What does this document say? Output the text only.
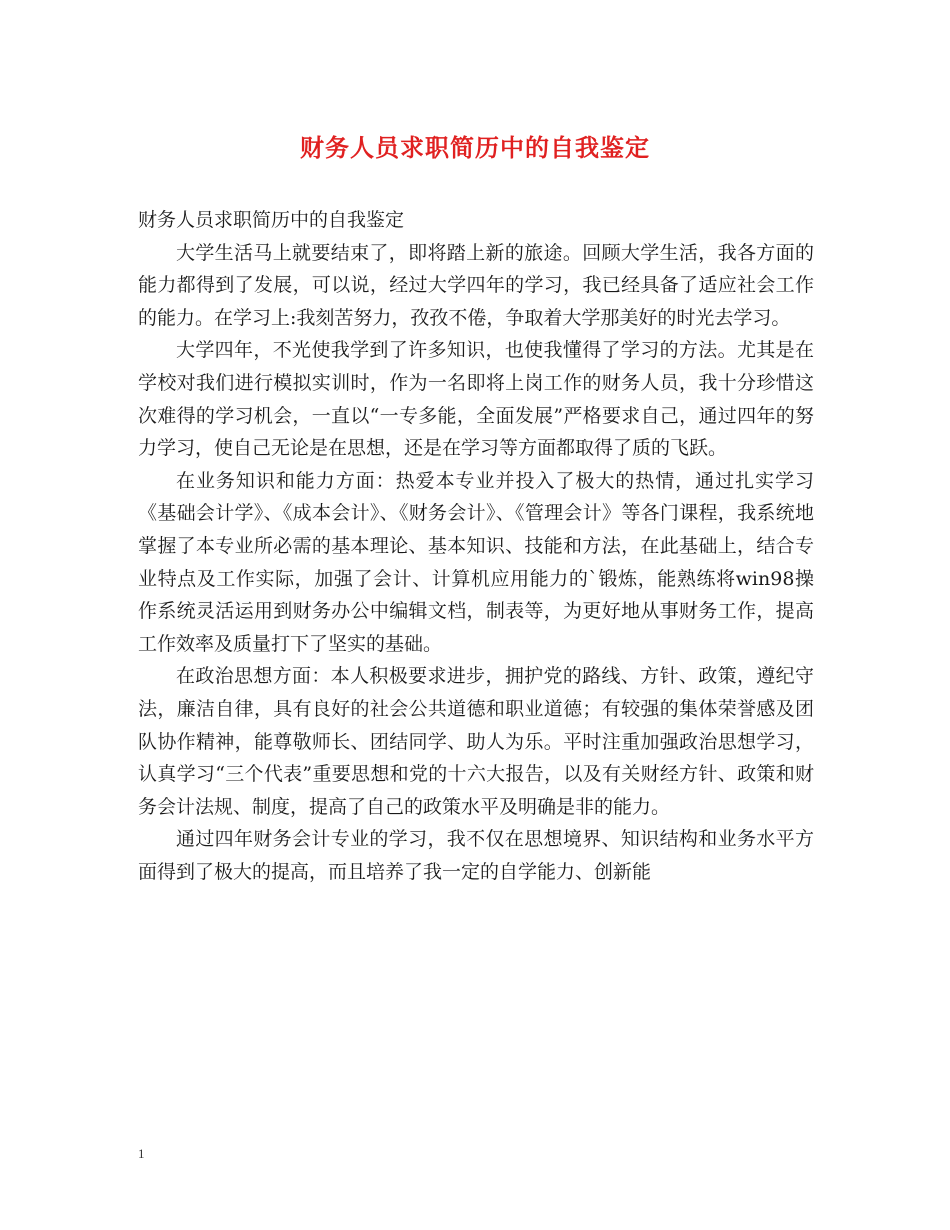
财务人员求职简历中的自我鉴定

财务人员求职简历中的自我鉴定

大学生活马上就要结束了，即将踏上新的旅途。回顾大学生活，我各方面的能力都得到了发展，可以说，经过大学四年的学习，我已经具备了适应社会工作的能力。在学习上:我刻苦努力，孜孜不倦，争取着大学那美好的时光去学习。

大学四年，不光使我学到了许多知识，也使我懂得了学习的方法。尤其是在学校对我们进行模拟实训时，作为一名即将上岗工作的财务人员，我十分珍惜这次难得的学习机会，一直以“一专多能，全面发展”严格要求自己，通过四年的努力学习，使自己无论是在思想，还是在学习等方面都取得了质的飞跃。

在业务知识和能力方面：热爱本专业并投入了极大的热情，通过扎实学习《基础会计学》、《成本会计》、《财务会计》、《管理会计》等各门课程，我系统地掌握了本专业所必需的基本理论、基本知识、技能和方法，在此基础上，结合专业特点及工作实际，加强了会计、计算机应用能力的`锻炼，能熟练将win98操作系统灵活运用到财务办公中编辑文档，制表等，为更好地从事财务工作，提高工作效率及质量打下了坚实的基础。

在政治思想方面：本人积极要求进步，拥护党的路线、方针、政策，遵纪守法，廉洁自律，具有良好的社会公共道德和职业道德；有较强的集体荣誉感及团队协作精神，能尊敬师长、团结同学、助人为乐。平时注重加强政治思想学习，认真学习“三个代表”重要思想和党的十六大报告，以及有关财经方针、政策和财务会计法规、制度，提高了自己的政策水平及明确是非的能力。

通过四年财务会计专业的学习，我不仅在思想境界、知识结构和业务水平方面得到了极大的提高，而且培养了我一定的自学能力、创新能

1
